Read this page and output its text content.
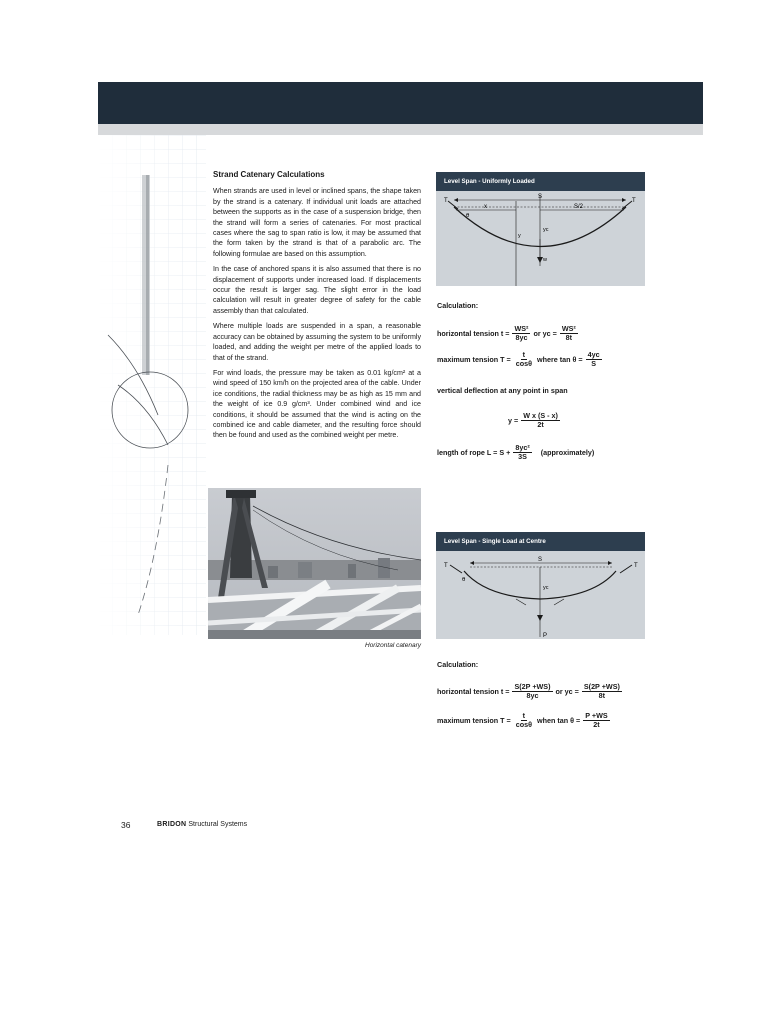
Technical Information
Strand Catenary Calculations

When strands are used in level or inclined spans, the shape taken by the strand is a catenary. If individual unit loads are attached between the supports as in the case of a suspension bridge, then the strand will form a series of catenaries. For most practical cases where the sag to span ratio is low, it may be assumed that the form taken by the strand is that of a parabolic arc. The following formulae are based on this assumption.

In the case of anchored spans it is also assumed that there is no displacement of supports under increased load. If displacements occur the result is larger sag. The slight error in the load calculation will result in greater degree of safety for the cable assembly than that calculated.

Where multiple loads are suspended in a span, a reasonable accuracy can be obtained by assuming the system to be uniformly loaded, and adding the weight per metre of the applied loads to that of the strand.

For wind loads, the pressure may be taken as 0.01 kg/cm² at a wind speed of 150 km/h on the projected area of the cable. Under ice conditions, the radial thickness may be as high as 15 mm and the weight of ice 0.9 g/cm³. Under combined wind and ice conditions, it should be assumed that the wind is acting on the combined ice and cable diameter, and the resulting force should then be found and used as the combined weight per metre.

Horizontal catenary
Level Span - Uniformly Loaded
T	T
S
x	S/2
yc
y
θ
w
Calculation:
horizontal tension $t = \frac{\text{WS²}}{8yc}$ or yc = $\frac{\text{WS²}}{8t}$
maximum tension $T = \frac{t}{\cos\theta}$ where $\tan \theta = \frac{4yc}{S}$
vertical deflection at any point in span
$y = \frac{\text{W x (S - x)}}{2t}$
length of rope $L = S + \frac{\text{8yc²}}{3S}$ (approximately)
Level Span - Single Load at Centre
T	T
S
yc
θ
P
Calculation:
horizontal tension $t = \frac{S(2P +WS)}{8yc}$ or yc = $\frac{S(2P +WS)}{8t}$
maximum tension $T = \frac{t}{\cos\theta}$ when $\tan \theta = \frac{P +WS}{2t}$
36	BRIDON Structural Systems
